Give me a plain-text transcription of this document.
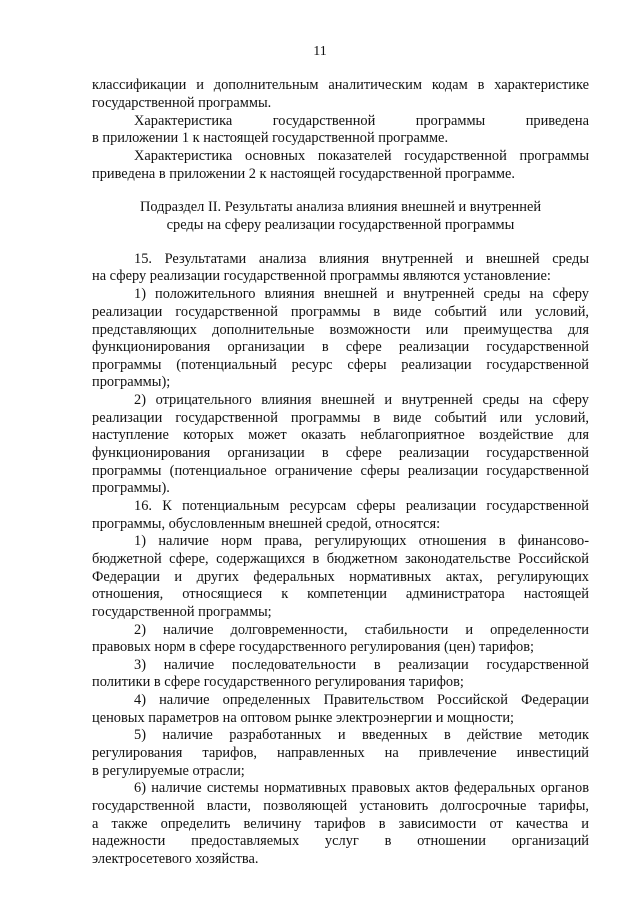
11
классификации и дополнительным аналитическим кодам в характеристике
государственной программы.
Характеристика государственной программы приведена
в приложении 1 к настоящей государственной программе.
Характеристика основных показателей государственной программы
приведена в приложении 2 к настоящей государственной программе.
Подраздел II. Результаты анализа влияния внешней и внутренней
среды на сферу реализации государственной программы
15. Результатами анализа влияния внутренней и внешней среды
на сферу реализации государственной программы являются установление:
1) положительного влияния внешней и внутренней среды на сферу
реализации государственной программы в виде событий или условий,
представляющих дополнительные возможности или преимущества для
функционирования организации в сфере реализации государственной
программы (потенциальный ресурс сферы реализации государственной
программы);
2) отрицательного влияния внешней и внутренней среды на сферу
реализации государственной программы в виде событий или условий,
наступление которых может оказать неблагоприятное воздействие для
функционирования организации в сфере реализации государственной
программы (потенциальное ограничение сферы реализации государственной
программы).
16. К потенциальным ресурсам сферы реализации государственной
программы, обусловленным внешней средой, относятся:
1) наличие норм права, регулирующих отношения в финансово-
бюджетной сфере, содержащихся в бюджетном законодательстве Российской
Федерации и других федеральных нормативных актах, регулирующих
отношения, относящиеся к компетенции администратора настоящей
государственной программы;
2) наличие долговременности, стабильности и определенности
правовых норм в сфере государственного регулирования (цен) тарифов;
3) наличие последовательности в реализации государственной
политики в сфере государственного регулирования тарифов;
4) наличие определенных Правительством Российской Федерации
ценовых параметров на оптовом рынке электроэнергии и мощности;
5) наличие разработанных и введенных в действие методик
регулирования тарифов, направленных на привлечение инвестиций
в регулируемые отрасли;
6) наличие системы нормативных правовых актов федеральных органов
государственной власти, позволяющей установить долгосрочные тарифы,
а также определить величину тарифов в зависимости от качества и
надежности предоставляемых услуг в отношении организаций
электросетевого хозяйства.
